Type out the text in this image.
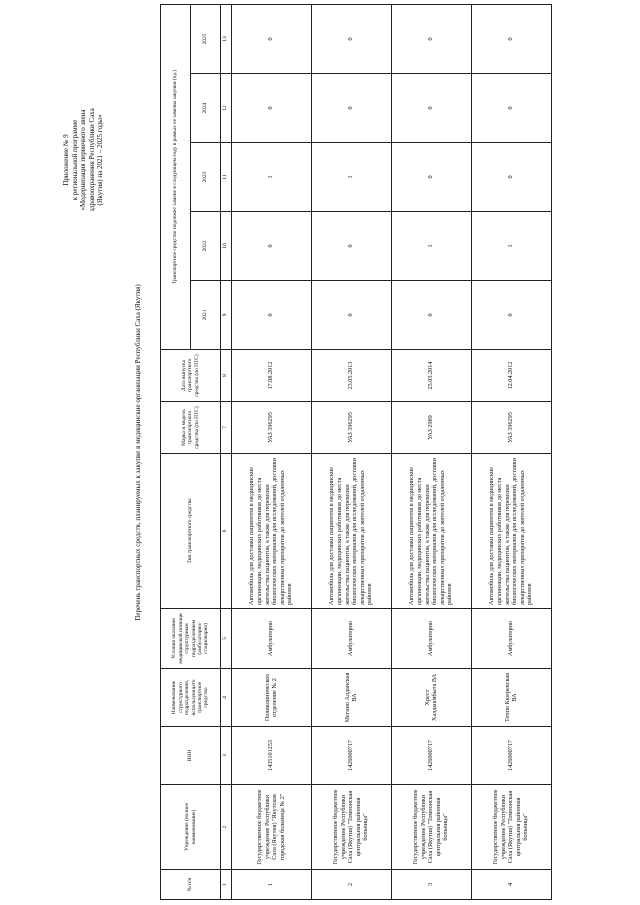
Приложение № 9 к региональной программе «Модернизация первичного звена здравоохранения Республики Саха (Якутия) на 2021 – 2025 годы»
Перечень транспортных средств, планируемых к закупке в медицинские организации Республики Саха (Якутия)
№ п/п	Учреждение (полное наименование)	ИНН	Наименование структурного подразделения, использующего транспортное средство	Условия оказания медицинской помощи структурным подразделением (амбулаторно/ стационарно)	Тип транспортного средства	Марка и модель транспортного средства (по ПТС)	Дата выпуска транспортного средства (по ПТС)	Транспортное средство подлежит замене в следующем году в рамках ее замены закупки (ед.)				
								2021	2022	2023	2024	2025
1	2	3	4	5	6	7	8	9	10	11	12	13
1	Государственное бюджетное учреждение Республики Саха (Якутия) "Якутская городская больница № 2"	1435101253	Поликлиническое отделение № 2	Амбулаторно	Автомобиль для доставки пациентов в медицинские организации, медицинских работников до места жительства пациентов, а также для перевозки биологических материалов для исследований, доставки лекарственных препаратов до жителей отдаленных районов	УАЗ 396295	17.08.2012	0	0	1	0	0
2	Государственное бюджетное учреждение Республики Саха (Якутия) "Томпонская центральная районная больница"	1426000717	Мегино Алданская ВА	Амбулаторно	Автомобиль для доставки пациентов в медицинские организации, медицинских работников до места жительства пациентов, а также для перевозки биологических материалов для исследований, доставки лекарственных препаратов до жителей отдаленных районов	УАЗ 396295	23.05.2013	0	0	1	0	0
3	Государственное бюджетное учреждение Республики Саха (Якутия) "Томпонская центральная районная больница"	1426000717	Хрест Халдыкмбыта ВА	Амбулаторно	Автомобиль для доставки пациентов в медицинские организации, медицинских работников до места жительства пациентов, а также для перевозки биологических материалов для исследований, доставки лекарственных препаратов до жителей отдаленных районов	УАЗ 2989	25.03.2014	0	1	0	0	0
4	Государственное бюджетное учреждение Республики Саха (Якутия) "Томпонская центральная районная больница"	1426000717	Теппо Кюеревская ВА	Амбулаторно	Автомобиль для доставки пациентов в медицинские организации, медицинских работников до места жительства пациентов, а также для перевозки биологических материалов для исследований, доставки лекарственных препаратов до жителей отдаленных районов	УАЗ 396295	12.04.2012	0	1	0	0	0
